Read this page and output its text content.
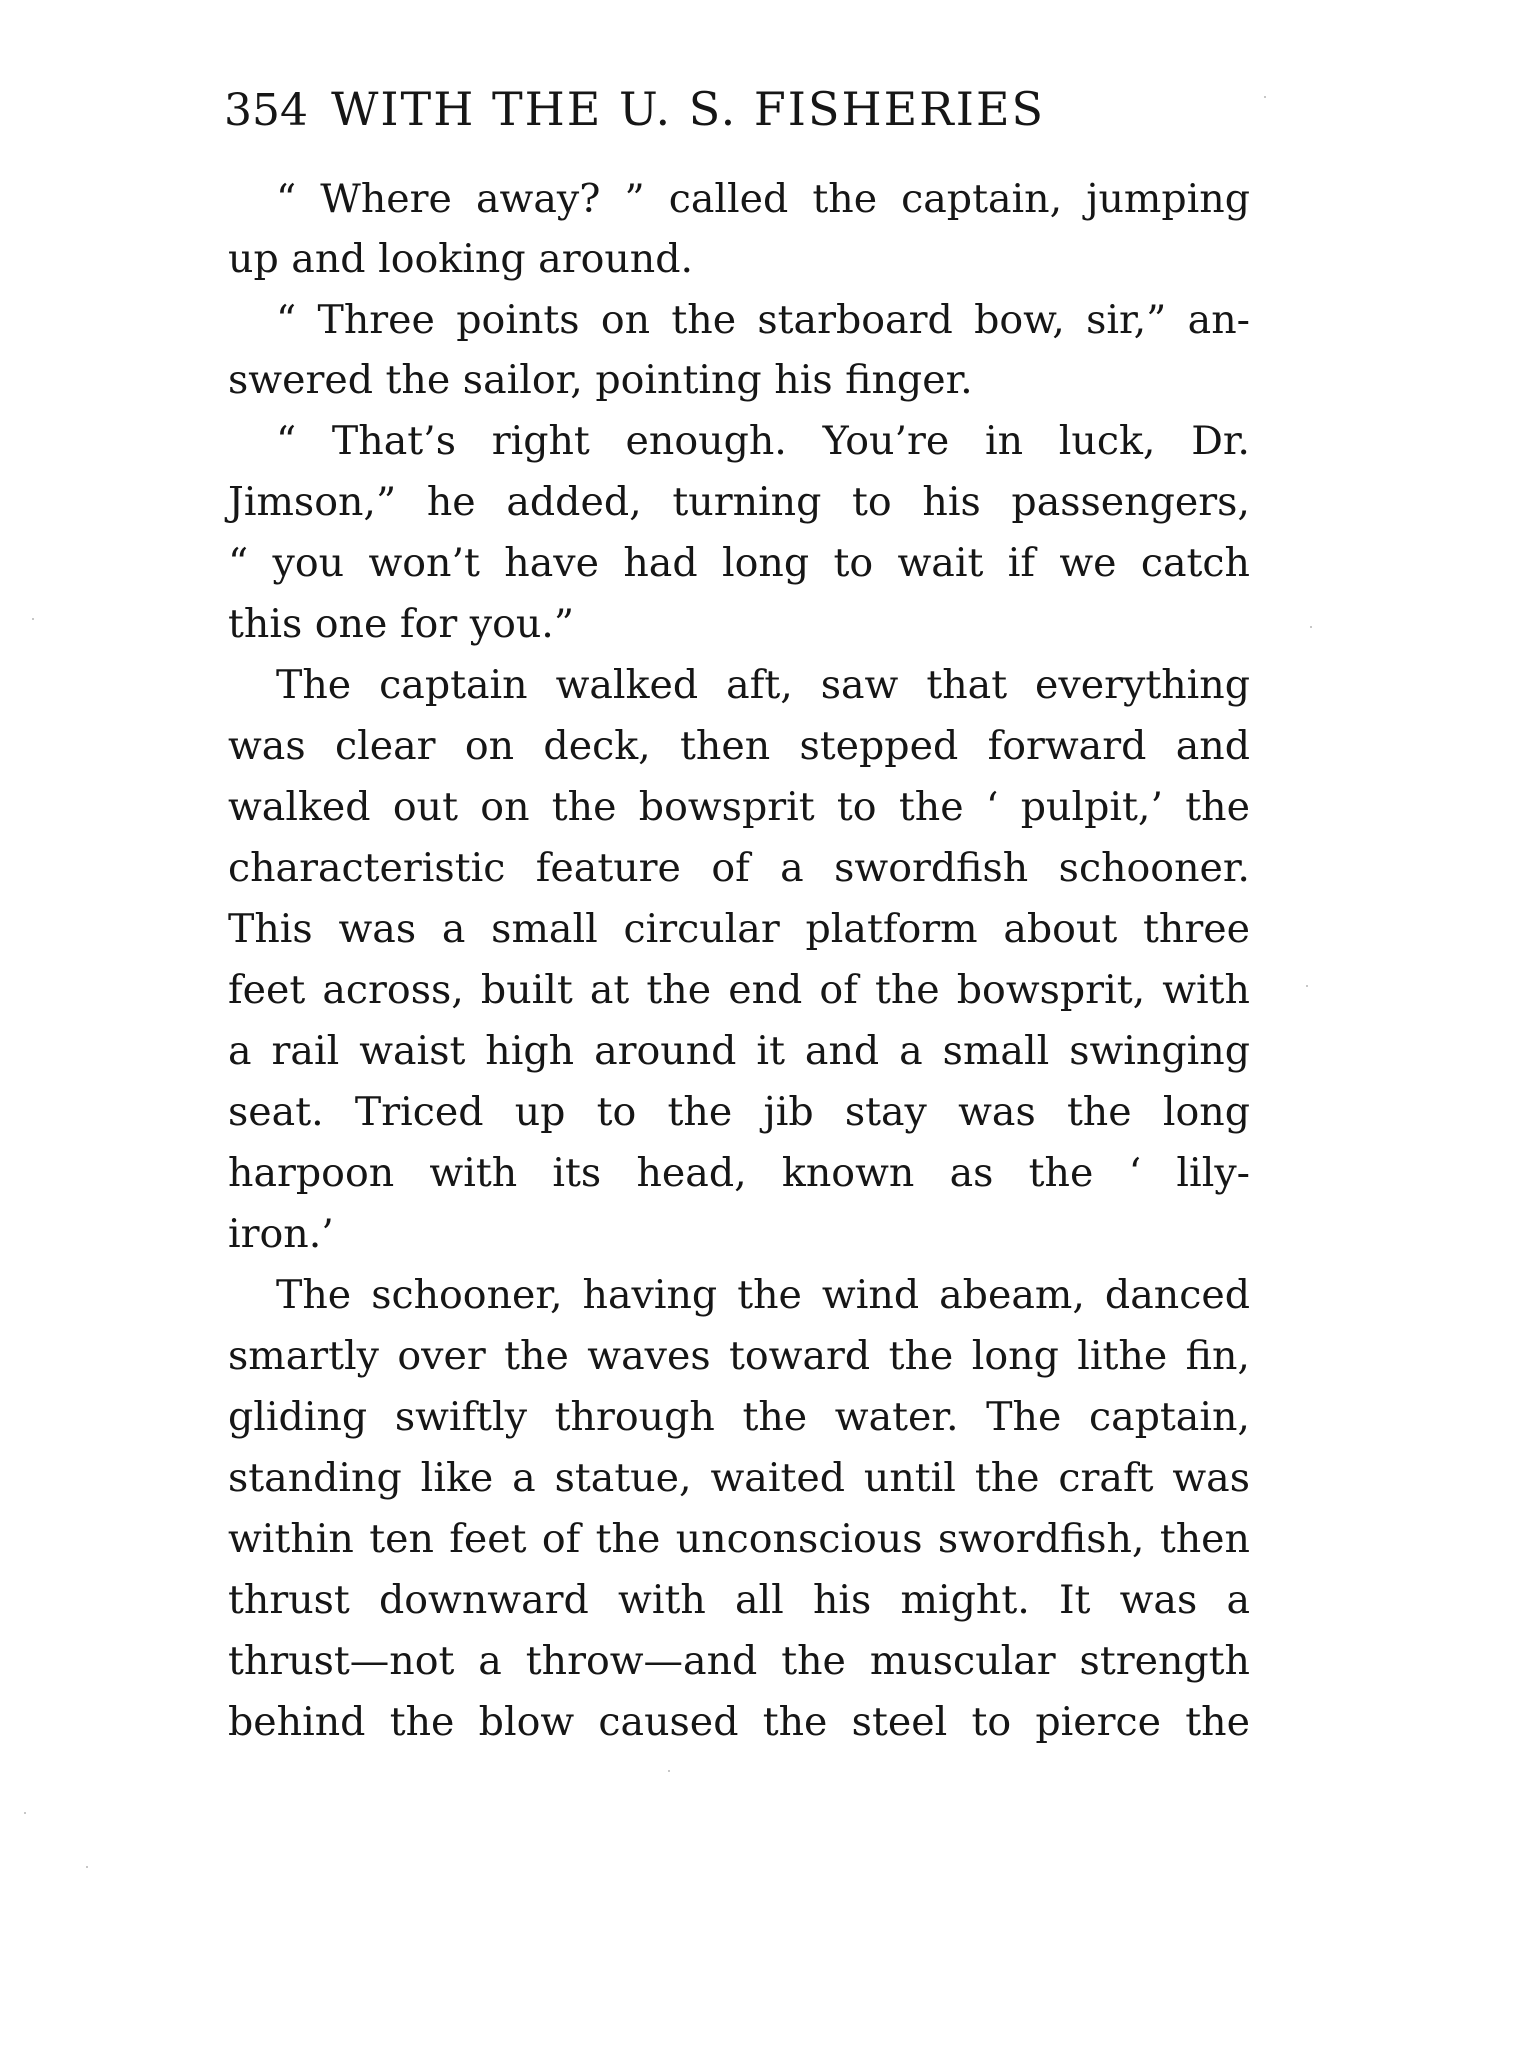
354 WITH THE U. S. FISHERIES
“ Where away? ” called the captain, jumping
up and looking around.
“ Three points on the starboard bow, sir,” an-
swered the sailor, pointing his finger.
“ That’s right enough. You’re in luck, Dr.
Jimson,” he added, turning to his passengers,
“ you won’t have had long to wait if we catch
this one for you.”
The captain walked aft, saw that everything
was clear on deck, then stepped forward and
walked out on the bowsprit to the ‘ pulpit,’ the
characteristic feature of a swordfish schooner.
This was a small circular platform about three
feet across, built at the end of the bowsprit, with
a rail waist high around it and a small swinging
seat. Triced up to the jib stay was the long
harpoon with its head, known as the ‘ lily-
iron.’
The schooner, having the wind abeam, danced
smartly over the waves toward the long lithe fin,
gliding swiftly through the water. The captain,
standing like a statue, waited until the craft was
within ten feet of the unconscious swordfish, then
thrust downward with all his might. It was a
thrust—not a throw—and the muscular strength
behind the blow caused the steel to pierce the
